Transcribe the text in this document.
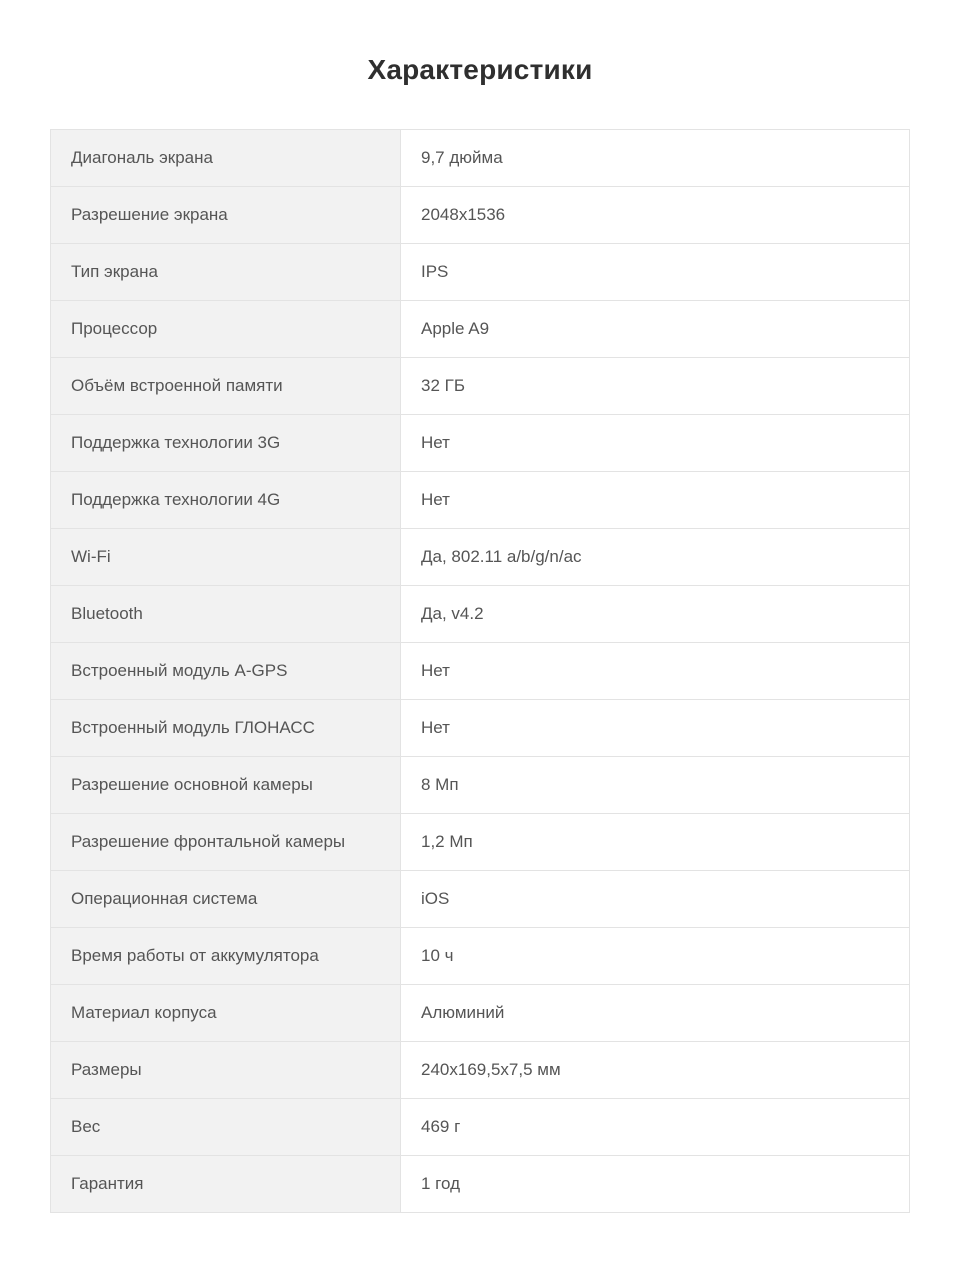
Характеристики
Диагональ экрана	9,7 дюйма
Разрешение экрана	2048x1536
Тип экрана	IPS
Процессор	Apple A9
Объём встроенной памяти	32 ГБ
Поддержка технологии 3G	Нет
Поддержка технологии 4G	Нет
Wi-Fi	Да, 802.11 a/b/g/n/ac
Bluetooth	Да, v4.2
Встроенный модуль A-GPS	Нет
Встроенный модуль ГЛОНАСС	Нет
Разрешение основной камеры	8 Мп
Разрешение фронтальной камеры	1,2 Мп
Операционная система	iOS
Время работы от аккумулятора	10 ч
Материал корпуса	Алюминий
Размеры	240x169,5x7,5 мм
Вес	469 г
Гарантия	1 год
